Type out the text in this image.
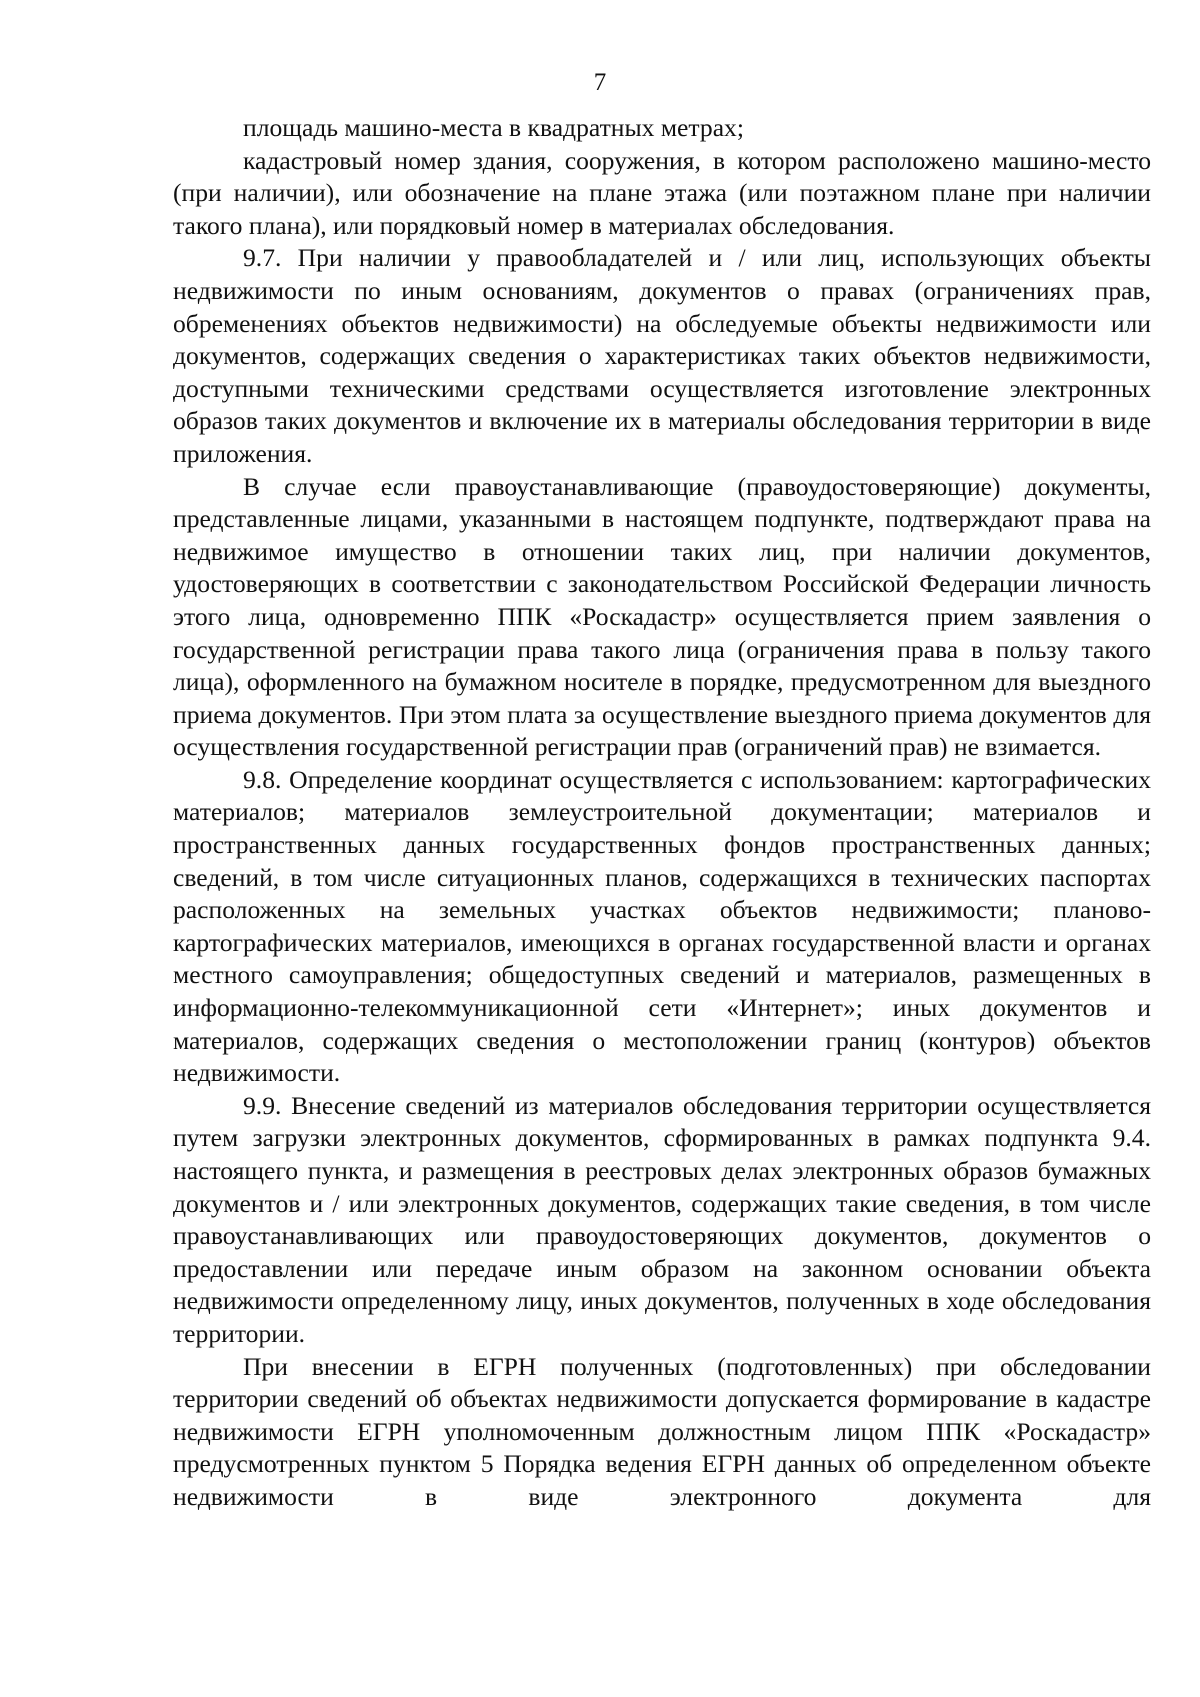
7

площадь машино-места в квадратных метрах;

кадастровый номер здания, сооружения, в котором расположено машино-место (при наличии), или обозначение на плане этажа (или поэтажном плане при наличии такого плана), или порядковый номер в материалах обследования.

9.7. При наличии у правообладателей и / или лиц, использующих объекты недвижимости по иным основаниям, документов о правах (ограничениях прав, обременениях объектов недвижимости) на обследуемые объекты недвижимости или документов, содержащих сведения о характеристиках таких объектов недвижимости, доступными техническими средствами осуществляется изготовление электронных образов таких документов и включение их в материалы обследования территории в виде приложения.

В случае если правоустанавливающие (правоудостоверяющие) документы, представленные лицами, указанными в настоящем подпункте, подтверждают права на недвижимое имущество в отношении таких лиц, при наличии документов, удостоверяющих в соответствии с законодательством Российской Федерации личность этого лица, одновременно ППК «Роскадастр» осуществляется прием заявления о государственной регистрации права такого лица (ограничения права в пользу такого лица), оформленного на бумажном носителе в порядке, предусмотренном для выездного приема документов. При этом плата за осуществление выездного приема документов для осуществления государственной регистрации прав (ограничений прав) не взимается.

9.8. Определение координат осуществляется с использованием: картографических материалов; материалов землеустроительной документации; материалов и пространственных данных государственных фондов пространственных данных; сведений, в том числе ситуационных планов, содержащихся в технических паспортах расположенных на земельных участках объектов недвижимости; планово-картографических материалов, имеющихся в органах государственной власти и органах местного самоуправления; общедоступных сведений и материалов, размещенных в информационно-телекоммуникационной сети «Интернет»; иных документов и материалов, содержащих сведения о местоположении границ (контуров) объектов недвижимости.

9.9. Внесение сведений из материалов обследования территории осуществляется путем загрузки электронных документов, сформированных в рамках подпункта 9.4. настоящего пункта, и размещения в реестровых делах электронных образов бумажных документов и / или электронных документов, содержащих такие сведения, в том числе правоустанавливающих или правоудостоверяющих документов, документов о предоставлении или передаче иным образом на законном основании объекта недвижимости определенному лицу, иных документов, полученных в ходе обследования территории.

При внесении в ЕГРН полученных (подготовленных) при обследовании территории сведений об объектах недвижимости допускается формирование в кадастре недвижимости ЕГРН уполномоченным должностным лицом ППК «Роскадастр» предусмотренных пунктом 5 Порядка ведения ЕГРН данных об определенном объекте недвижимости в виде электронного документа для
